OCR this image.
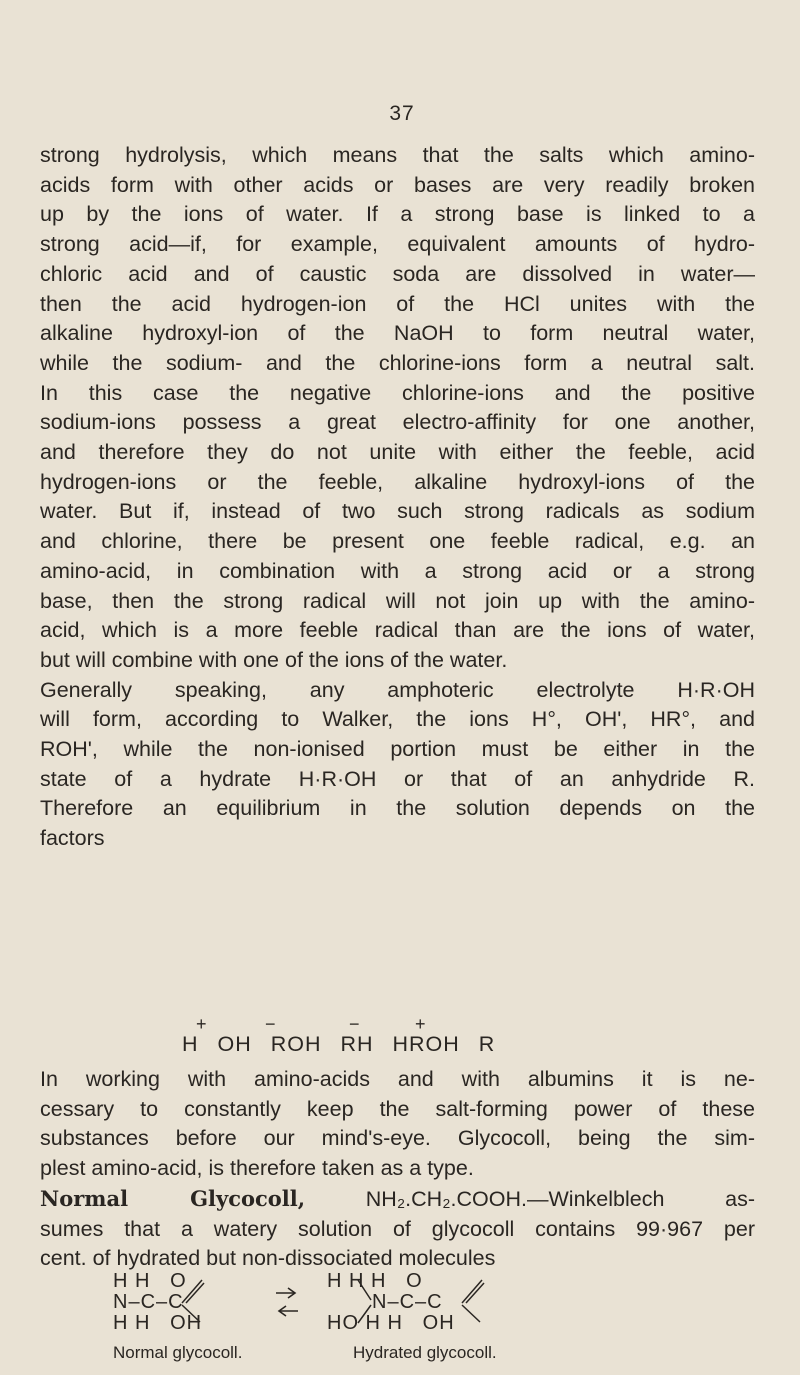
37
strong hydrolysis, which means that the salts which amino-
acids form with other acids or bases are very readily broken
up by the ions of water. If a strong base is linked to a
strong acid—if, for example, equivalent amounts of hydro-
chloric acid and of caustic soda are dissolved in water—
then the acid hydrogen-ion of the HCl unites with the
alkaline hydroxyl-ion of the NaOH to form neutral water,
while the sodium- and the chlorine-ions form a neutral salt.
In this case the negative chlorine-ions and the positive
sodium-ions possess a great electro-affinity for one another,
and therefore they do not unite with either the feeble, acid
hydrogen-ions or the feeble, alkaline hydroxyl-ions of the
water. But if, instead of two such strong radicals as sodium
and chlorine, there be present one feeble radical, e.g. an
amino-acid, in combination with a strong acid or a strong
base, then the strong radical will not join up with the amino-
acid, which is a more feeble radical than are the ions of water,
but will combine with one of the ions of the water.
Generally speaking, any amphoteric electrolyte H·R·OH
will form, according to Walker, the ions H°, OH', HR°, and
ROH', while the non-ionised portion must be either in the
state of a hydrate H·R·OH or that of an anhydride R.
Therefore an equilibrium in the solution depends on the
factors
+	−	−	+
H OH ROH RH HROH R
In working with amino-acids and with albumins it is ne-
cessary to constantly keep the salt-forming power of these
substances before our mind's-eye. Glycocoll, being the sim-
plest amino-acid, is therefore taken as a type.
Normal Glycocoll, NH₂.CH₂.COOH.—Winkelblech as-
sumes that a watery solution of glycocoll contains 99·967 per
cent. of hydrated but non-dissociated molecules
H H   O
N–C–C
H H   OH
Normal glycocoll.
H H H   O
N–C–C
HO H H   OH
Hydrated glycocoll.
